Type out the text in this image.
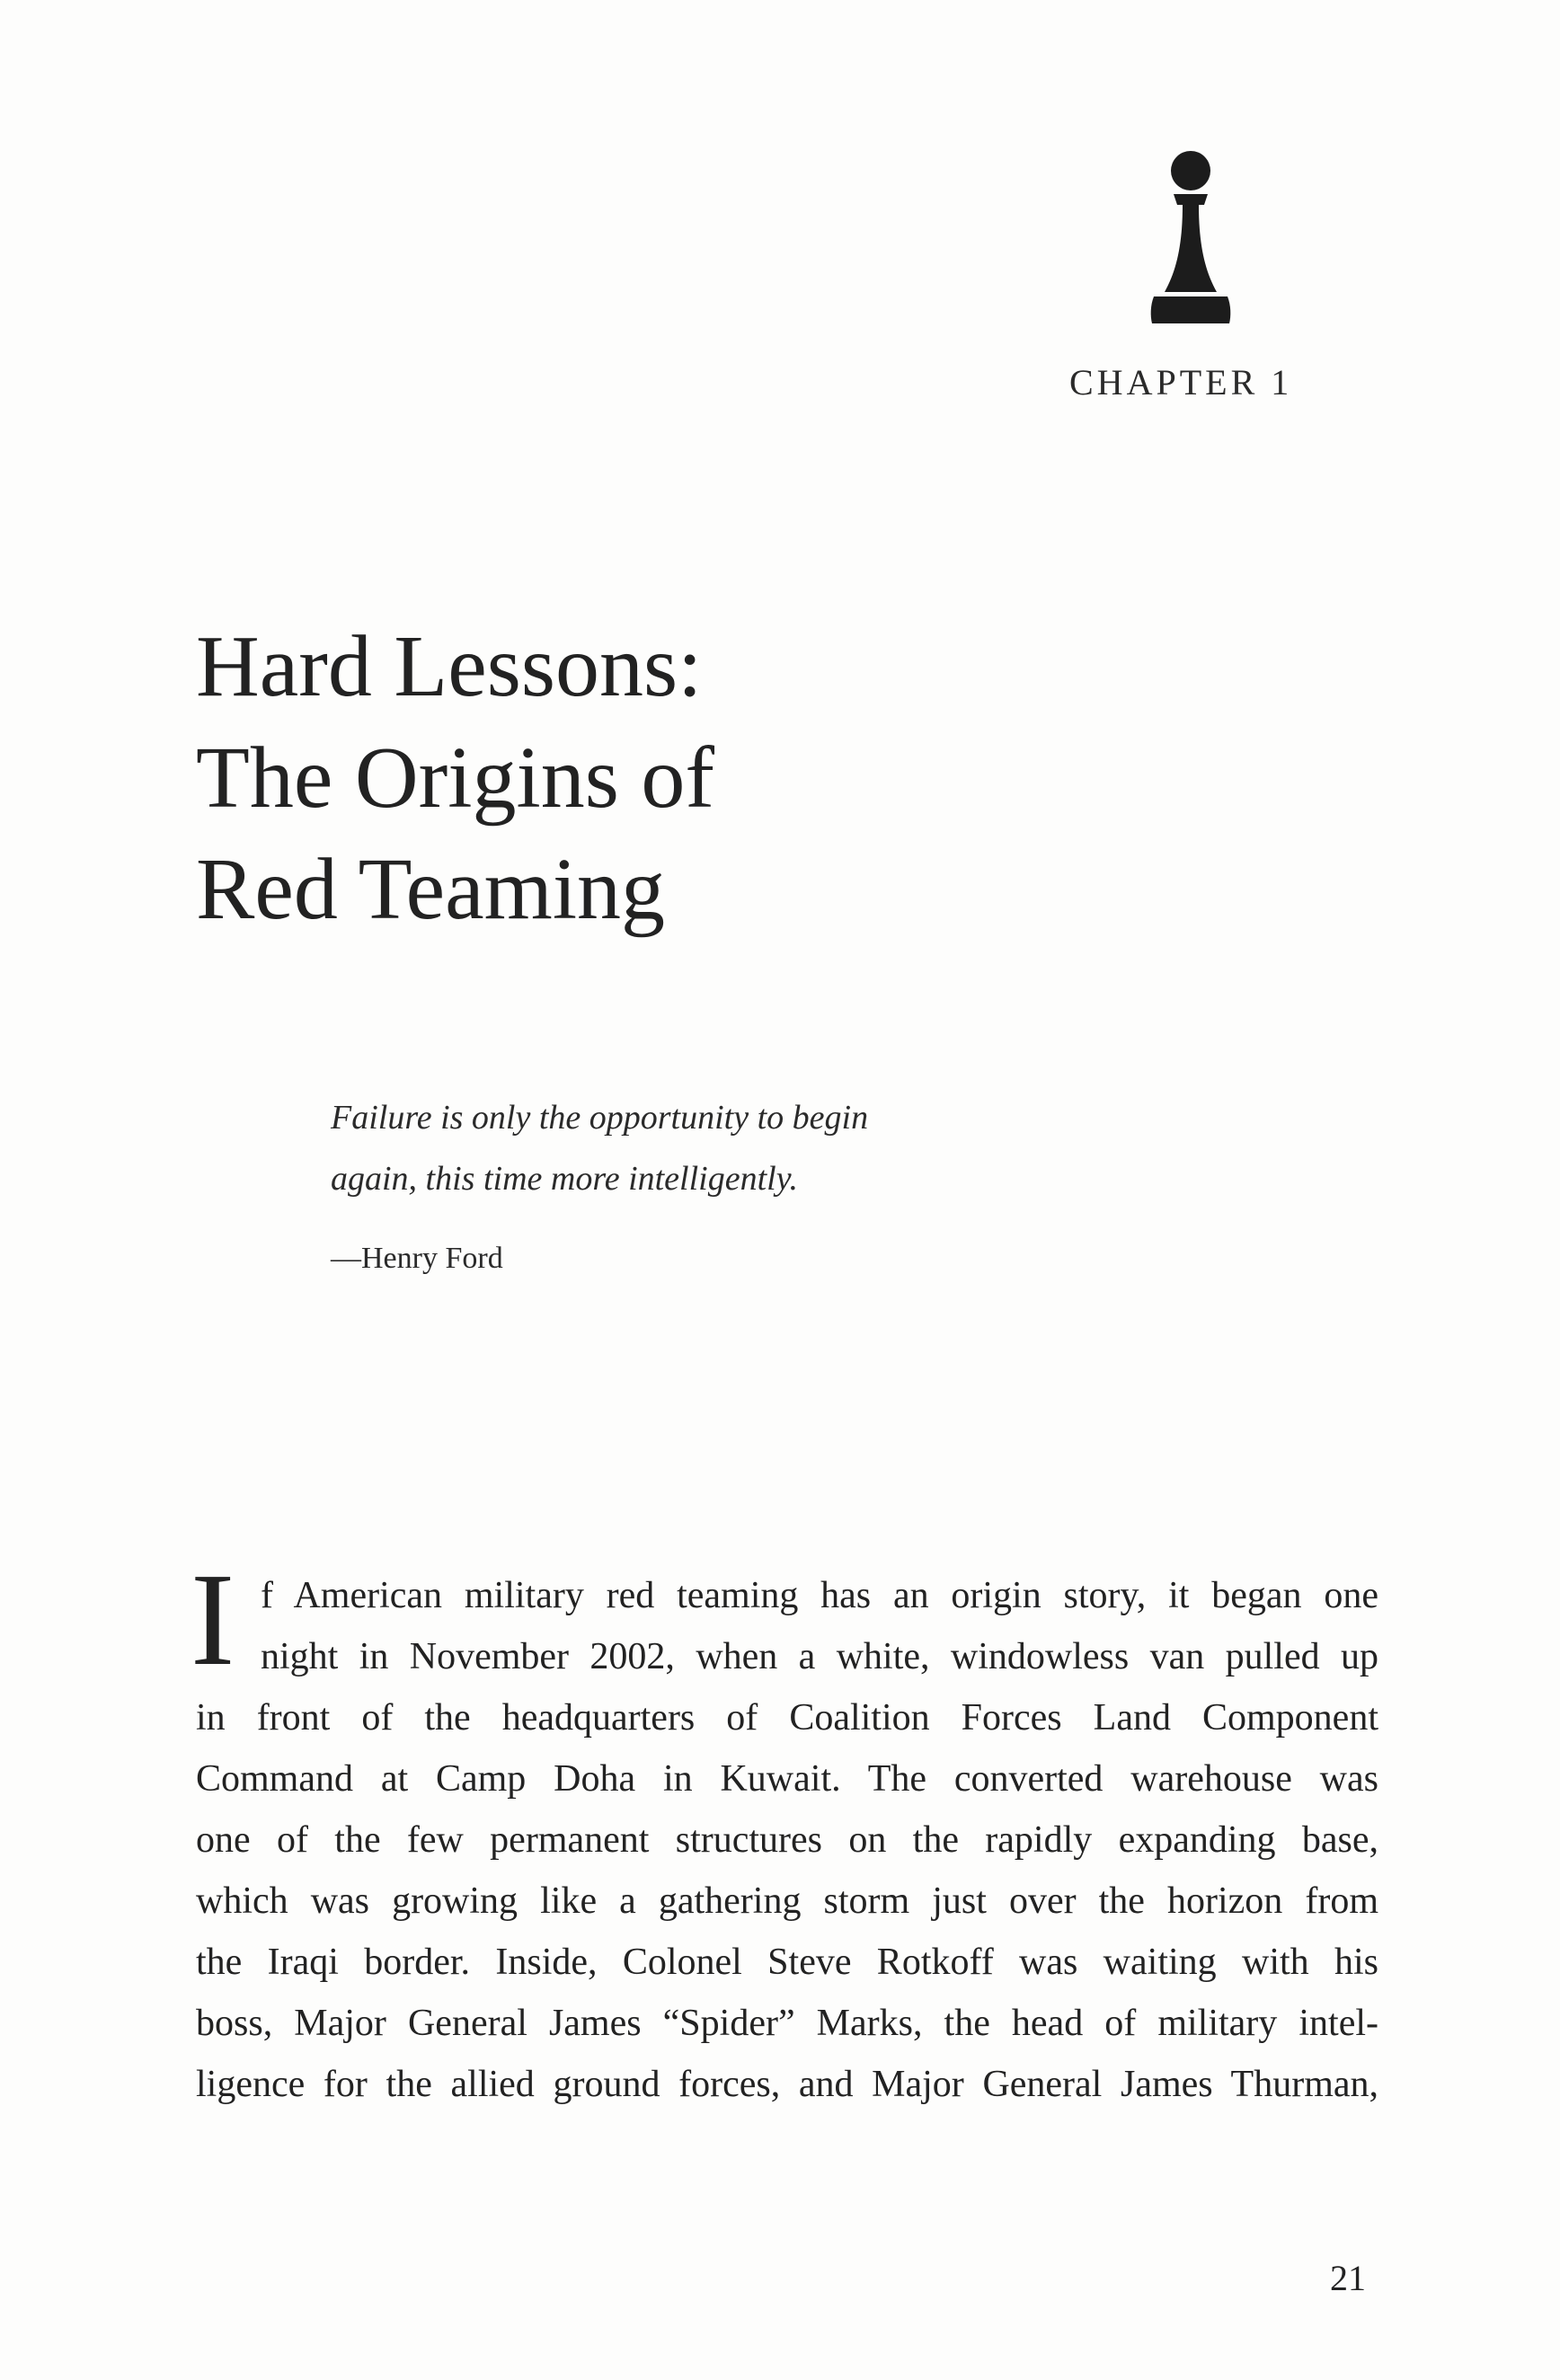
CHAPTER 1
Hard Lessons:
The Origins of
Red Teaming
Failure is only the opportunity to begin
again, this time more intelligently.
—Henry Ford
I f American military red teaming has an origin story, it began one
night in November 2002, when a white, windowless van pulled up
in front of the headquarters of Coalition Forces Land Component
Command at Camp Doha in Kuwait. The converted warehouse was
one of the few permanent structures on the rapidly expanding base,
which was growing like a gathering storm just over the horizon from
the Iraqi border. Inside, Colonel Steve Rotkoff was waiting with his
boss, Major General James “Spider” Marks, the head of military intel-
ligence for the allied ground forces, and Major General James Thurman,
21
